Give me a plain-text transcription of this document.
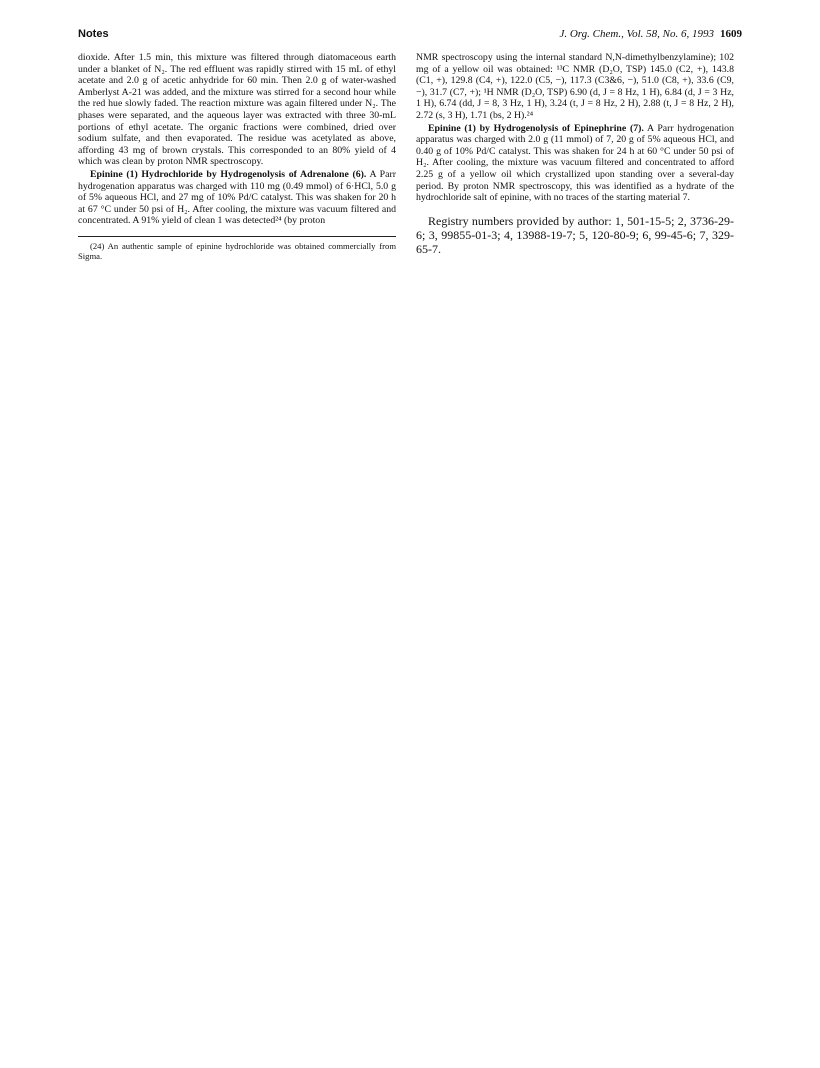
Notes	J. Org. Chem., Vol. 58, No. 6, 1993 1609

dioxide. After 1.5 min, this mixture was filtered through diatomaceous earth under a blanket of N₂. The red effluent was rapidly stirred with 15 mL of ethyl acetate and 2.0 g of acetic anhydride for 60 min. Then 2.0 g of water-washed Amberlyst A-21 was added, and the mixture was stirred for a second hour while the red hue slowly faded. The reaction mixture was again filtered under N₂. The phases were separated, and the aqueous layer was extracted with three 30-mL portions of ethyl acetate. The organic fractions were combined, dried over sodium sulfate, and then evaporated. The residue was acetylated as above, affording 43 mg of brown crystals. This corresponded to an 80% yield of 4 which was clean by proton NMR spectroscopy.

Epinine (1) Hydrochloride by Hydrogenolysis of Adrenalone (6). A Parr hydrogenation apparatus was charged with 110 mg (0.49 mmol) of 6·HCl, 5.0 g of 5% aqueous HCl, and 27 mg of 10% Pd/C catalyst. This was shaken for 20 h at 67 °C under 50 psi of H₂. After cooling, the mixture was vacuum filtered and concentrated. A 91% yield of clean 1 was detected²⁴ (by proton

(24) An authentic sample of epinine hydrochloride was obtained commercially from Sigma.

NMR spectroscopy using the internal standard N,N-dimethylbenzylamine); 102 mg of a yellow oil was obtained: ¹³C NMR (D₂O, TSP) 145.0 (C2, +), 143.8 (C1, +), 129.8 (C4, +), 122.0 (C5, −), 117.3 (C3&6, −), 51.0 (C8, +), 33.6 (C9, −), 31.7 (C7, +); ¹H NMR (D₂O, TSP) 6.90 (d, J = 8 Hz, 1 H), 6.84 (d, J = 3 Hz, 1 H), 6.74 (dd, J = 8, 3 Hz, 1 H), 3.24 (t, J = 8 Hz, 2 H), 2.88 (t, J = 8 Hz, 2 H), 2.72 (s, 3 H), 1.71 (bs, 2 H).²⁴

Epinine (1) by Hydrogenolysis of Epinephrine (7). A Parr hydrogenation apparatus was charged with 2.0 g (11 mmol) of 7, 20 g of 5% aqueous HCl, and 0.40 g of 10% Pd/C catalyst. This was shaken for 24 h at 60 °C under 50 psi of H₂. After cooling, the mixture was vacuum filtered and concentrated to afford 2.25 g of a yellow oil which crystallized upon standing over a several-day period. By proton NMR spectroscopy, this was identified as a hydrate of the hydrochloride salt of epinine, with no traces of the starting material 7.

Registry numbers provided by author: 1, 501-15-5; 2, 3736-29-6; 3, 99855-01-3; 4, 13988-19-7; 5, 120-80-9; 6, 99-45-6; 7, 329-65-7.
